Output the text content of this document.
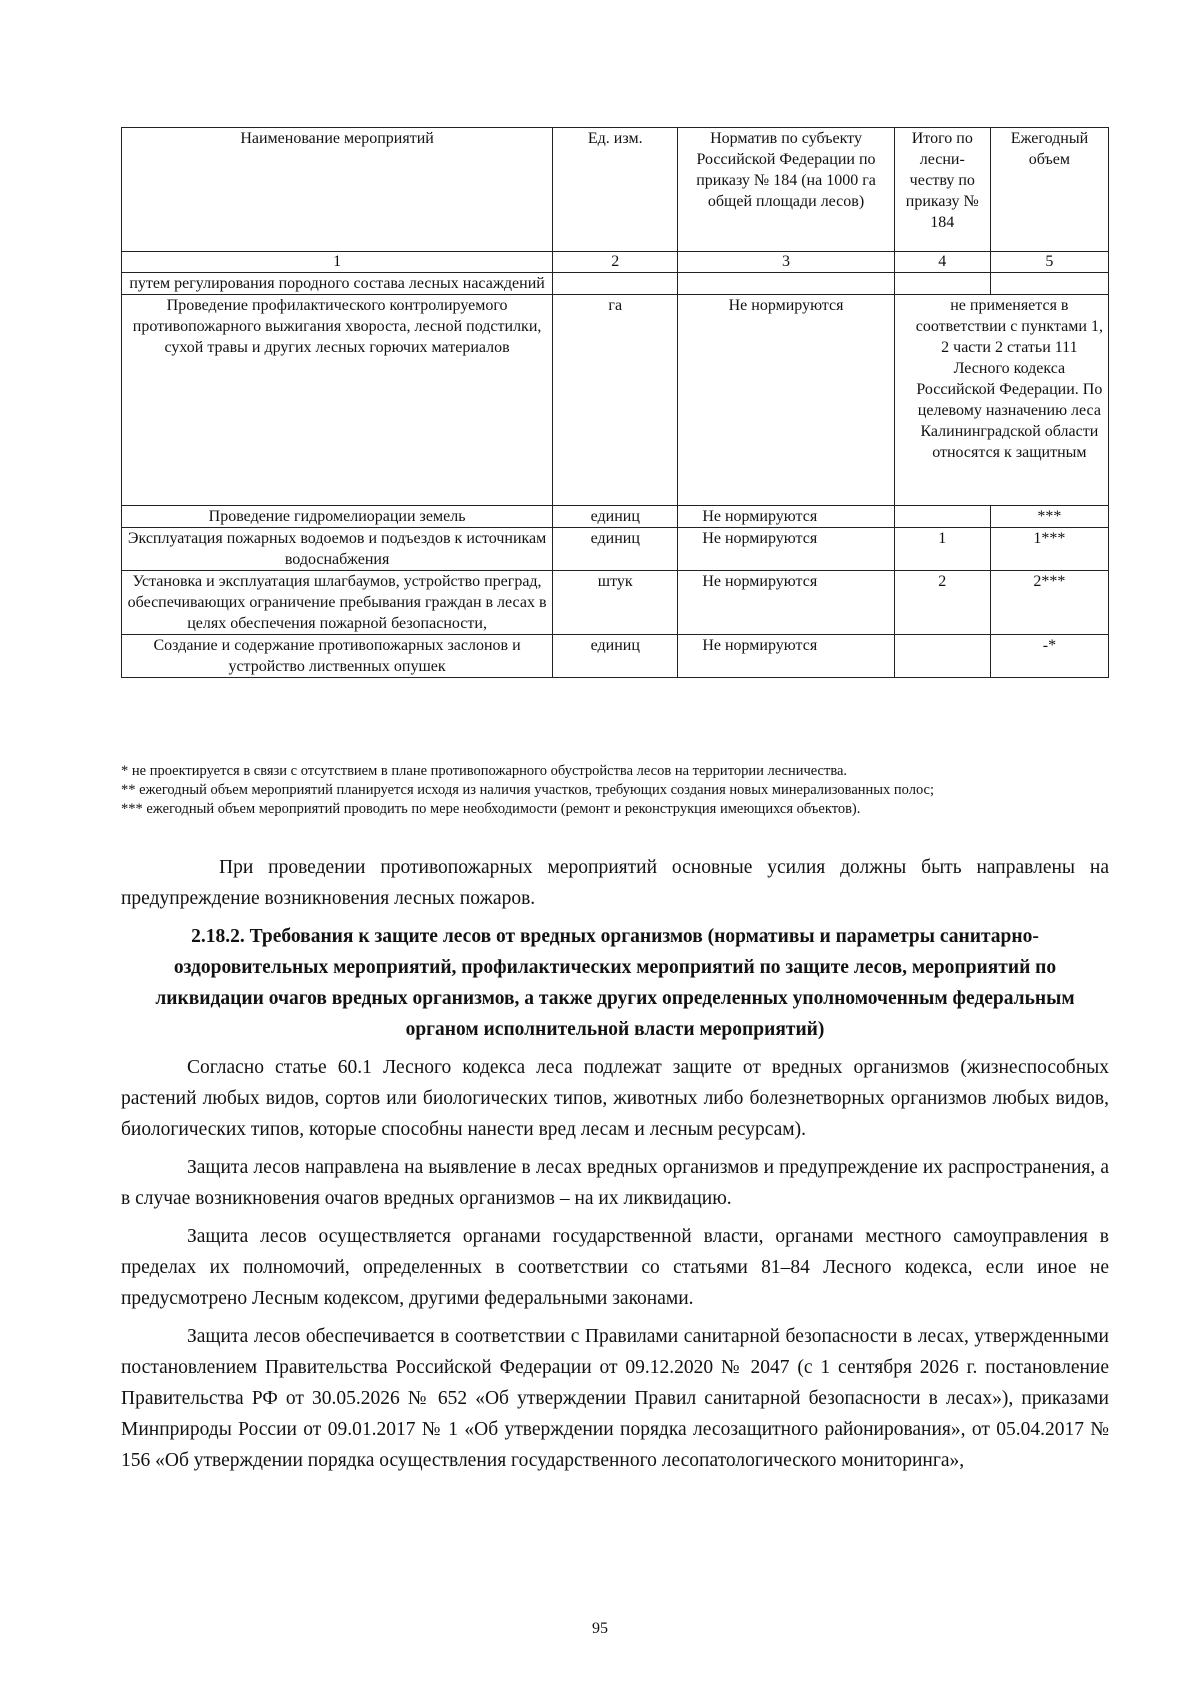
Наименование мероприятий	Ед. изм.	Норматив по субъекту Российской Федерации по приказу № 184 (на 1000 га общей площади лесов)	Итого по лесни-честву по приказу № 184	Ежегодный объем
1	2	3	4	5
путем регулирования породного состава лесных насаждений				
Проведение профилактического контролируемого противопожарного выжигания хвороста, лесной подстилки, сухой травы и других лесных горючих материалов	га	Не нормируются	не применяется в соответствии с пунктами 1, 2 части 2 статьи 111 Лесного кодекса Российской Федерации. По целевому назначению леса Калининградской области относятся к защитным	
Проведение гидромелиорации земель	единиц	Не нормируются		***
Эксплуатация пожарных водоемов и подъездов к источникам водоснабжения	единиц	Не нормируются	1	1***
Установка и эксплуатация шлагбаумов, устройство преград, обеспечивающих ограничение пребывания граждан в лесах в целях обеспечения пожарной безопасности,	штук	Не нормируются	2	2***
Создание и содержание противопожарных заслонов и устройство лиственных опушек	единиц	Не нормируются		-*

* не проектируется в связи с отсутствием в плане противопожарного обустройства лесов на территории лесничества.

** ежегодный объем мероприятий планируется исходя из наличия участков, требующих создания новых минерализованных полос;

*** ежегодный объем мероприятий проводить по мере необходимости (ремонт и реконструкция имеющихся объектов).

При проведении противопожарных мероприятий основные усилия должны быть направлены на предупреждение возникновения лесных пожаров.

2.18.2. Требования к защите лесов от вредных организмов (нормативы и параметры санитарно-оздоровительных мероприятий, профилактических мероприятий по защите лесов, мероприятий по ликвидации очагов вредных организмов, а также других определенных уполномоченным федеральным органом исполнительной власти мероприятий)

Согласно статье 60.1 Лесного кодекса леса подлежат защите от вредных организмов (жизнеспособных растений любых видов, сортов или биологических типов, животных либо болезнетворных организмов любых видов, биологических типов, которые способны нанести вред лесам и лесным ресурсам).

Защита лесов направлена на выявление в лесах вредных организмов и предупреждение их распространения, а в случае возникновения очагов вредных организмов – на их ликвидацию.

Защита лесов осуществляется органами государственной власти, органами местного самоуправления в пределах их полномочий, определенных в соответствии со статьями 81–84 Лесного кодекса, если иное не предусмотрено Лесным кодексом, другими федеральными законами.

Защита лесов обеспечивается в соответствии с Правилами санитарной безопасности в лесах, утвержденными постановлением Правительства Российской Федерации от 09.12.2020 № 2047 (с 1 сентября 2026 г. постановление Правительства РФ от 30.05.2026 № 652 «Об утверждении Правил санитарной безопасности в лесах»), приказами Минприроды России от 09.01.2017 № 1 «Об утверждении порядка лесозащитного районирования», от 05.04.2017 № 156 «Об утверждении порядка осуществления государственного лесопатологического мониторинга»,

95
